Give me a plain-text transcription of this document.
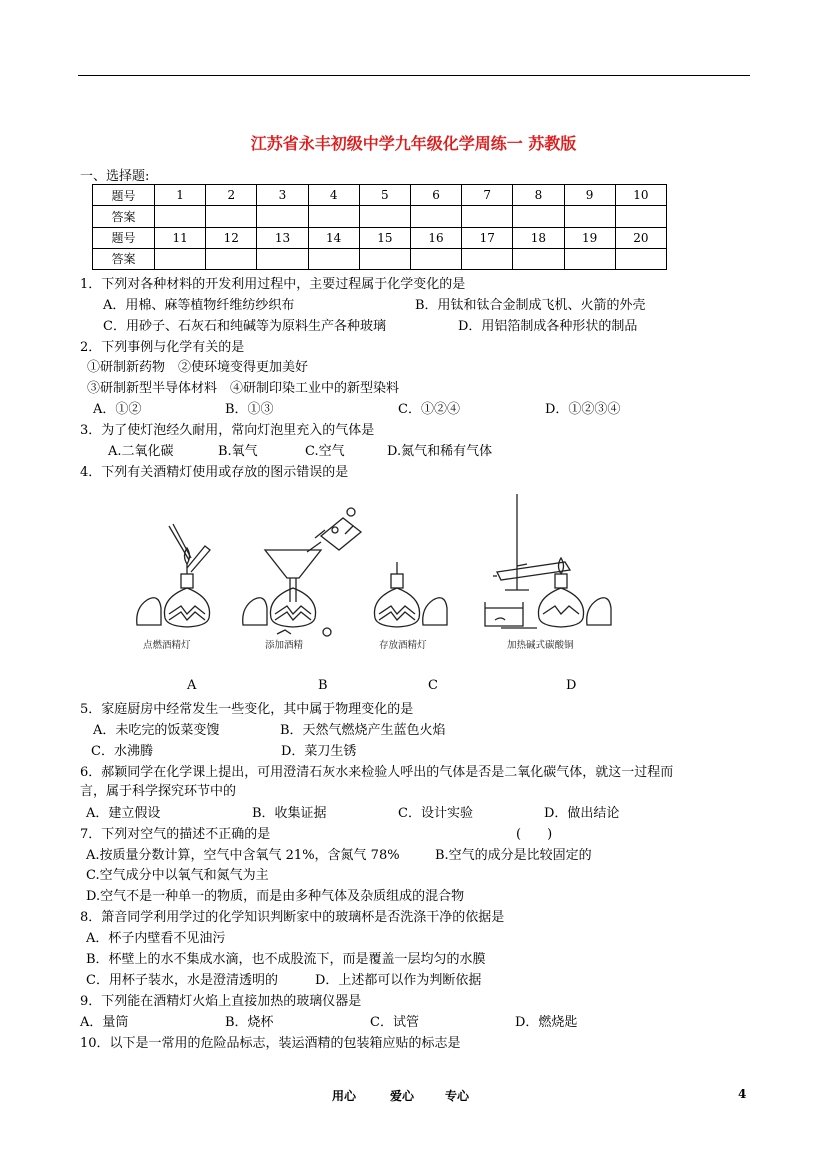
江苏省永丰初级中学九年级化学周练一 苏教版
一、选择题:
题号	1	2	3	4	5	6	7	8	9	10
答案										
题号	11	12	13	14	15	16	17	18	19	20
答案										
1．下列对各种材料的开发利用过程中，主要过程属于化学变化的是
A．用棉、麻等植物纤维纺纱织布	B．用钛和钛合金制成飞机、火箭的外壳
C．用砂子、石灰石和纯碱等为原料生产各种玻璃	D．用铝箔制成各种形状的制品
2．下列事例与化学有关的是
①研制新药物　②使环境变得更加美好
③研制新型半导体材料　④研制印染工业中的新型染料
A．①②	B．①③	C．①②④	D．①②③④
3．为了使灯泡经久耐用，常向灯泡里充入的气体是
A.二氧化碳	B.氧气	C.空气	D.氮气和稀有气体
4．下列有关酒精灯使用或存放的图示错误的是
点燃酒精灯	添加酒精	存放酒精灯	加热碱式碳酸铜
A	B	C	D
5．家庭厨房中经常发生一些变化，其中属于物理变化的是
A．未吃完的饭菜变馊	B．天然气燃烧产生蓝色火焰
C．水沸腾	D．菜刀生锈
6．郝颖同学在化学课上提出，可用澄清石灰水来检验人呼出的气体是否是二氧化碳气体，就这一过程而
言，属于科学探究环节中的
A．建立假设	B．收集证据	C．设计实验	D．做出结论
7．下列对空气的描述不正确的是	(　　)
A.按质量分数计算，空气中含氧气 21%，含氮气 78%	B.空气的成分是比较固定的
C.空气成分中以氧气和氮气为主
D.空气不是一种单一的物质，而是由多种气体及杂质组成的混合物
8．箫音同学利用学过的化学知识判断家中的玻璃杯是否洗涤干净的依据是
A．杯子内壁看不见油污
B．杯壁上的水不集成水滴，也不成股流下，而是覆盖一层均匀的水膜
C．用杯子装水，水是澄清透明的	D．上述都可以作为判断依据
9．下列能在酒精灯火焰上直接加热的玻璃仪器是
A．量筒	B．烧杯	C．试管	D．燃烧匙
10．以下是一常用的危险品标志，装运酒精的包装箱应贴的标志是
用心	爱心	专心	4
